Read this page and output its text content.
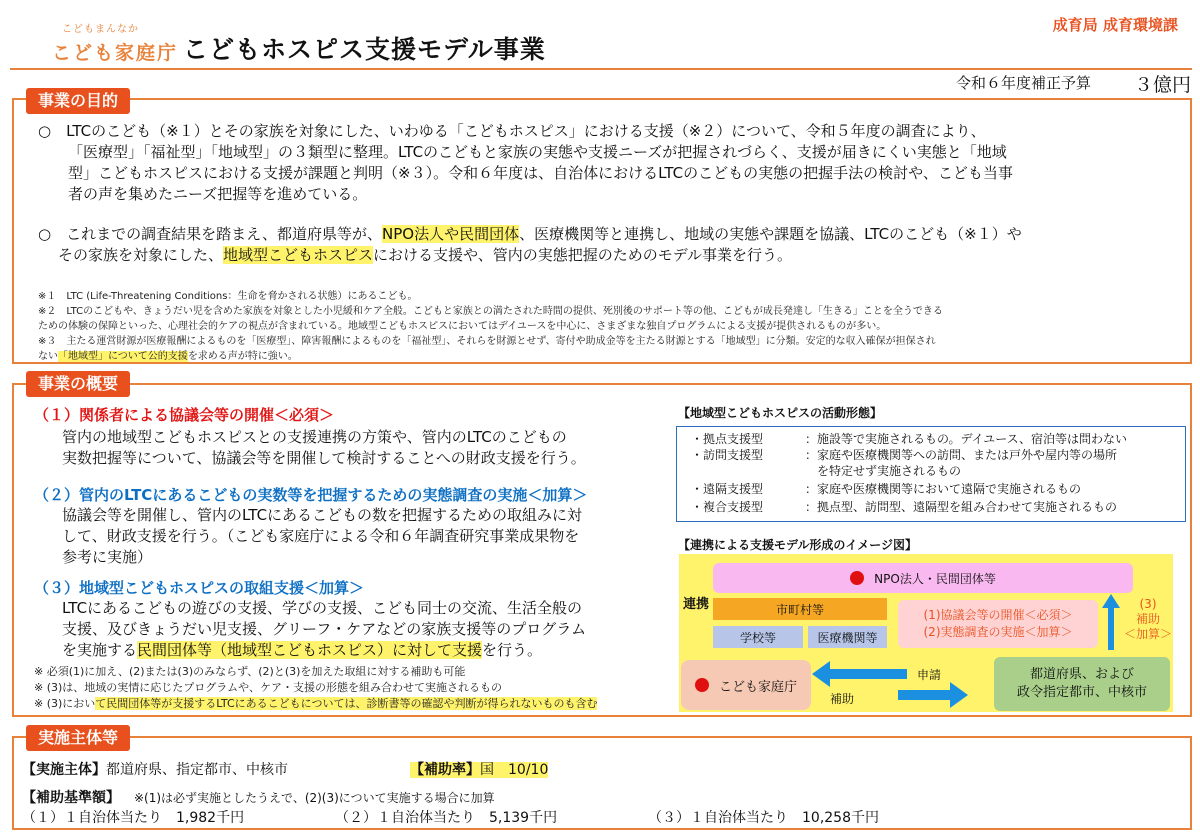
こどもまんなか
こども家庭庁 こどもホスピス支援モデル事業
成育局 成育環境課
令和６年度補正予算 ３億円
事業の目的
○　LTCのこども（※１）とその家族を対象にした、いわゆる「こどもホスピス」における支援（※２）について、令和５年度の調査により、
「医療型」「福祉型」「地域型」の３類型に整理。LTCのこどもと家族の実態や支援ニーズが把握されづらく、支援が届きにくい実態と「地域
型」こどもホスピスにおける支援が課題と判明（※３）。令和６年度は、自治体におけるLTCのこどもの実態の把握手法の検討や、こども当事
者の声を集めたニーズ把握等を進めている。
○　これまでの調査結果を踏まえ、都道府県等が、NPO法人や民間団体、医療機関等と連携し、地域の実態や課題を協議、LTCのこども（※１）や
その家族を対象にした、地域型こどもホスピスにおける支援や、管内の実態把握のためのモデル事業を行う。
※１　LTC (Life-Threatening Conditions：生命を脅かされる状態）にあるこども。
※２　LTCのこどもや、きょうだい児を含めた家族を対象とした小児緩和ケア全般。こどもと家族との満たされた時間の提供、死別後のサポート等の他、こどもが成長発達し「生きる」ことを全うできる
ための体験の保障といった、心理社会的ケアの視点が含まれている。地域型こどもホスピスにおいてはデイユースを中心に、さまざまな独自プログラムによる支援が提供されるものが多い。
※３　主たる運営財源が医療報酬によるものを「医療型」、障害報酬によるものを「福祉型」、それらを財源とせず、寄付や助成金等を主たる財源とする「地域型」に分類。安定的な収入確保が担保され
ない「地域型」について公的支援を求める声が特に強い。
事業の概要
（１）関係者による協議会等の開催＜必須＞
管内の地域型こどもホスピスとの支援連携の方策や、管内のLTCのこどもの
実数把握等について、協議会等を開催して検討することへの財政支援を行う。
（２）管内のLTCにあるこどもの実数等を把握するための実態調査の実施＜加算＞
協議会等を開催し、管内のLTCにあるこどもの数を把握するための取組みに対
して、財政支援を行う。（こども家庭庁による令和６年調査研究事業成果物を
参考に実施）
（３）地域型こどもホスピスの取組支援＜加算＞
LTCにあるこどもの遊びの支援、学びの支援、こども同士の交流、生活全般の
支援、及びきょうだい児支援、グリーフ・ケアなどの家族支援等のプログラム
を実施する民間団体等（地域型こどもホスピス）に対して支援を行う。
※ 必須(1)に加え、(2)または(3)のみならず、(2)と(3)を加えた取組に対する補助も可能
※ (3)は、地域の実情に応じたプログラムや、ケア・支援の形態を組み合わせて実施されるもの
※ (3)において民間団体等が支援するLTCにあるこどもについては、診断書等の確認や判断が得られないものも含む
【地域型こどもホスピスの活動形態】
・拠点支援型	：施設等で実施されるもの。デイユース、宿泊等は問わない
・訪問支援型	：家庭や医療機関等への訪問、または戸外や屋内等の場所
　を特定せず実施されるもの
・遠隔支援型	：家庭や医療機関等において遠隔で実施されるもの
・複合支援型	：拠点型、訪問型、遠隔型を組み合わせて実施されるもの
【連携による支援モデル形成のイメージ図】
NPO法人・民間団体等
連携	市町村等
学校等	医療機関等
(1)協議会等の開催＜必須＞
(2)実態調査の実施＜加算＞
(3)
補助
＜加算＞
こども家庭庁
申請
補助
都道府県、および
政令指定都市、中核市
実施主体等
【実施主体】都道府県、指定都市、中核市	【補助率】国　10/10
【補助基準額】 ※(1)は必ず実施としたうえで、(2)(3)について実施する場合に加算
（１）１自治体当たり　1,982千円	（２）１自治体当たり　5,139千円	（３）１自治体当たり　10,258千円
